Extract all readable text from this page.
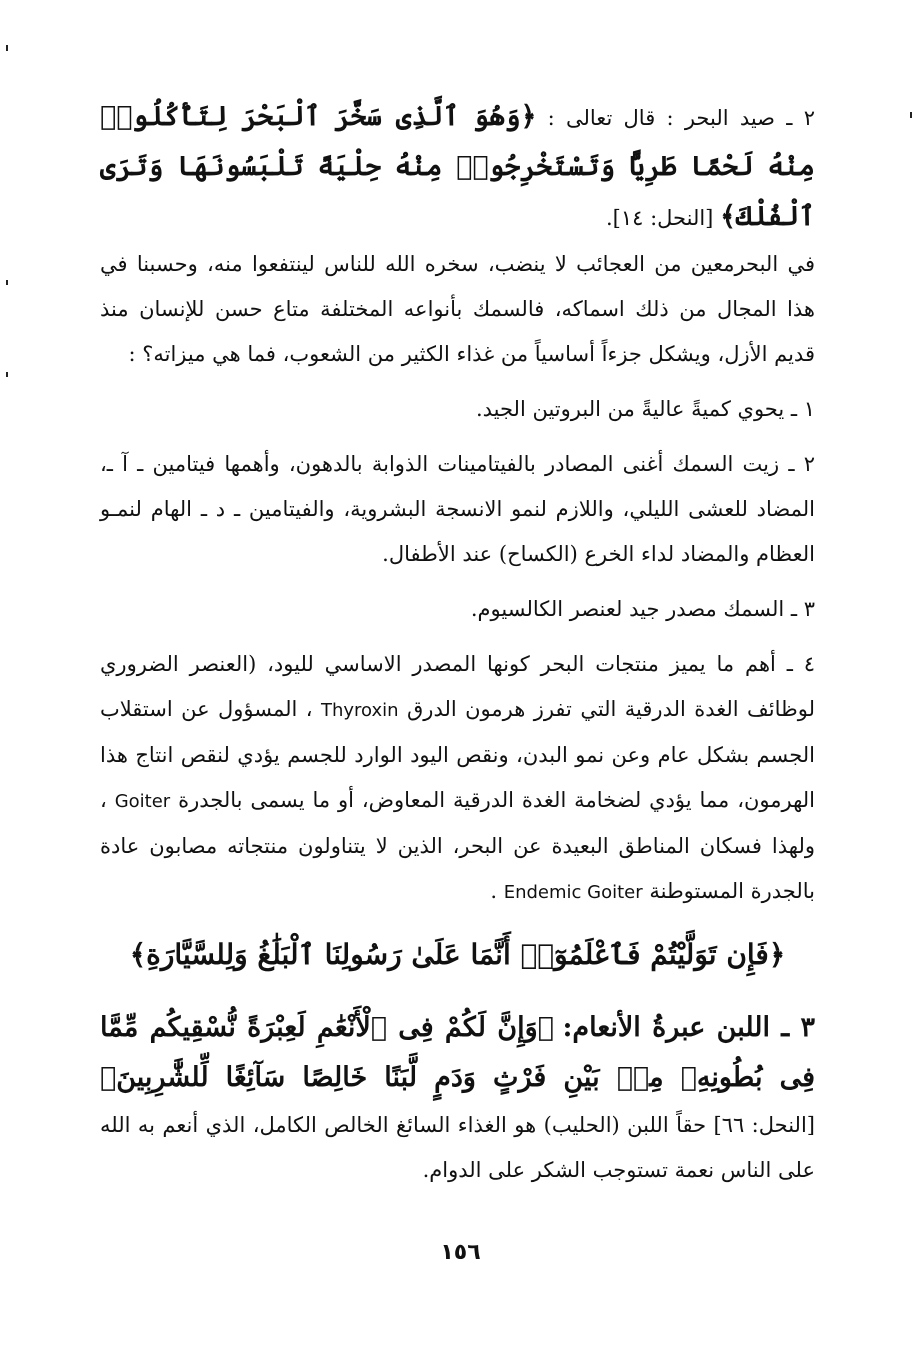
٢ ـ صيد البحر : قال تعالى : ﴿وَهُوَ ٱلَّذِى سَخَّرَ ٱلْبَحْرَ لِتَأْكُلُوا۟ مِنْهُ لَحْمًا طَرِيًّا وَتَسْتَخْرِجُوا۟ مِنْهُ حِلْيَةً تَلْبَسُونَهَا وَتَرَى ٱلْفُلْكَ﴾ [النحل: ١٤].

في البحرمعين من العجائب لا ينضب، سخره الله للناس لينتفعوا منه، وحسبنا في هذا المجال من ذلك اسماكه، فالسمك بأنواعه المختلفة متاع حسن للإنسان منذ قديم الأزل، ويشكل جزءاً أساسياً من غذاء الكثير من الشعوب، فما هي ميزاته؟ :

١ ـ يحوي كميةً عاليةً من البروتين الجيد.

٢ ـ زيت السمك أغنى المصادر بالفيتامينات الذوابة بالدهون، وأهمها فيتامين ـ آ ـ، المضاد للعشى الليلي، واللازم لنمو الانسجة البشروية، والفيتامين ـ د ـ الهام لنمـو العظام والمضاد لداء الخرع (الكساح) عند الأطفال.

٣ ـ السمك مصدر جيد لعنصر الكالسيوم.

٤ ـ أهم ما يميز منتجات البحر كونها المصدر الاساسي لليود، (العنصر الضروري لوظائف الغدة الدرقية التي تفرز هرمون الدرق Thyroxin ، المسؤول عن استقلاب الجسم بشكل عام وعن نمو البدن، ونقص اليود الوارد للجسم يؤدي لنقص انتاج هذا الهرمون، مما يؤدي لضخامة الغدة الدرقية المعاوض، أو ما يسمى بالجدرة Goiter ، ولهذا فسكان المناطق البعيدة عن البحر، الذين لا يتناولون منتجاته مصابون عادة بالجدرة المستوطنة Endemic Goiter .

﴿فَإِن تَوَلَّيْتُمْ فَٱعْلَمُوٓا۟ أَنَّمَا عَلَىٰ رَسُولِنَا ٱلْبَلَٰغُ وَلِلسَّيَّارَةِ﴾

٣ ـ اللبن عبرةُ الأنعام: ﴿وَإِنَّ لَكُمْ فِى ٱلْأَنْعَٰمِ لَعِبْرَةً نُّسْقِيكُم مِّمَّا فِى بُطُونِهِۦ مِنۢ بَيْنِ فَرْثٍ وَدَمٍ لَّبَنًا خَالِصًا سَآئِغًا لِّلشَّٰرِبِينَ﴾ [النحل: ٦٦] حقاً اللبن (الحليب) هو الغذاء السائغ الخالص الكامل، الذي أنعم به الله على الناس نعمة تستوجب الشكر على الدوام.

١٥٦
